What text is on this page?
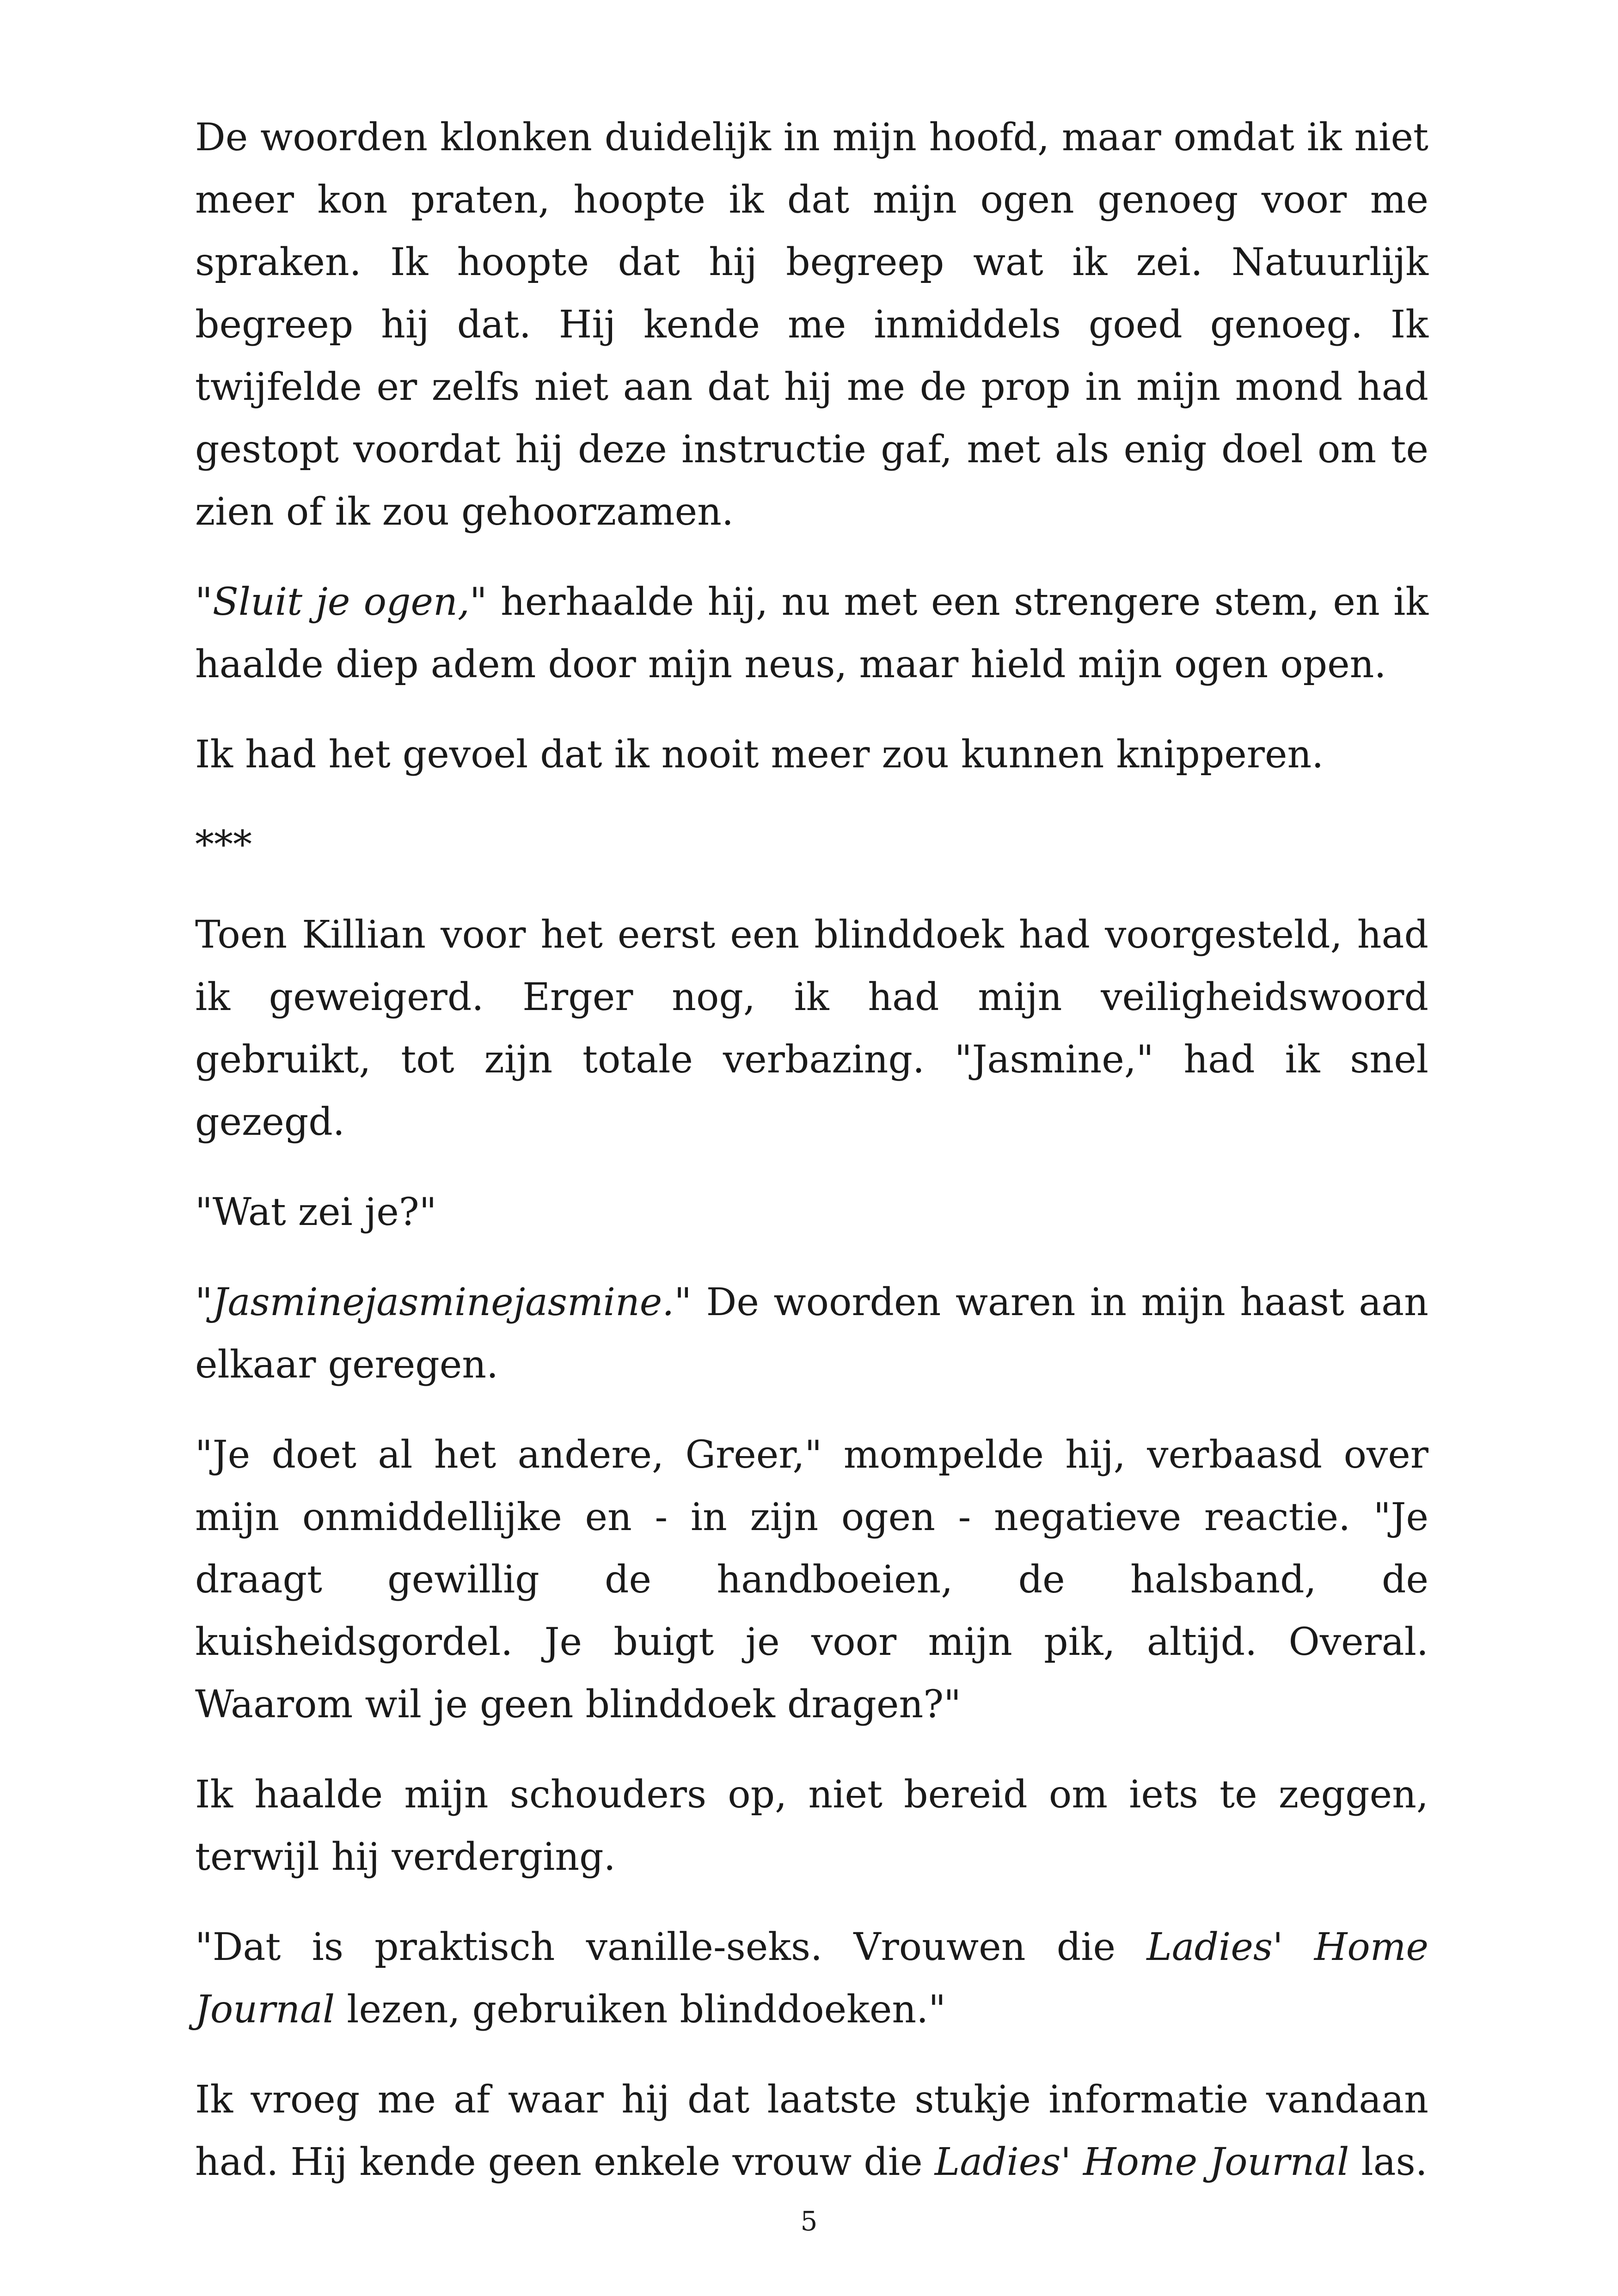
De woorden klonken duidelijk in mijn hoofd, maar omdat ik niet meer kon praten, hoopte ik dat mijn ogen genoeg voor me spraken. Ik hoopte dat hij begreep wat ik zei. Natuurlijk begreep hij dat. Hij kende me inmiddels goed genoeg. Ik twijfelde er zelfs niet aan dat hij me de prop in mijn mond had gestopt voordat hij deze instructie gaf, met als enig doel om te zien of ik zou gehoorzamen.

"Sluit je ogen," herhaalde hij, nu met een strengere stem, en ik haalde diep adem door mijn neus, maar hield mijn ogen open.

Ik had het gevoel dat ik nooit meer zou kunnen knipperen.

***

Toen Killian voor het eerst een blinddoek had voorgesteld, had ik geweigerd. Erger nog, ik had mijn veiligheidswoord gebruikt, tot zijn totale verbazing. "Jasmine," had ik snel gezegd.

"Wat zei je?"

"Jasminejasminejasmine." De woorden waren in mijn haast aan elkaar geregen.

"Je doet al het andere, Greer," mompelde hij, verbaasd over mijn onmiddellijke en - in zijn ogen - negatieve reactie. "Je draagt gewillig de handboeien, de halsband, de kuisheidsgordel. Je buigt je voor mijn pik, altijd. Overal. Waarom wil je geen blinddoek dragen?"

Ik haalde mijn schouders op, niet bereid om iets te zeggen, terwijl hij verderging.

"Dat is praktisch vanille-seks. Vrouwen die Ladies' Home Journal lezen, gebruiken blinddoeken."

Ik vroeg me af waar hij dat laatste stukje informatie vandaan had. Hij kende geen enkele vrouw die Ladies' Home Journal las.

5
